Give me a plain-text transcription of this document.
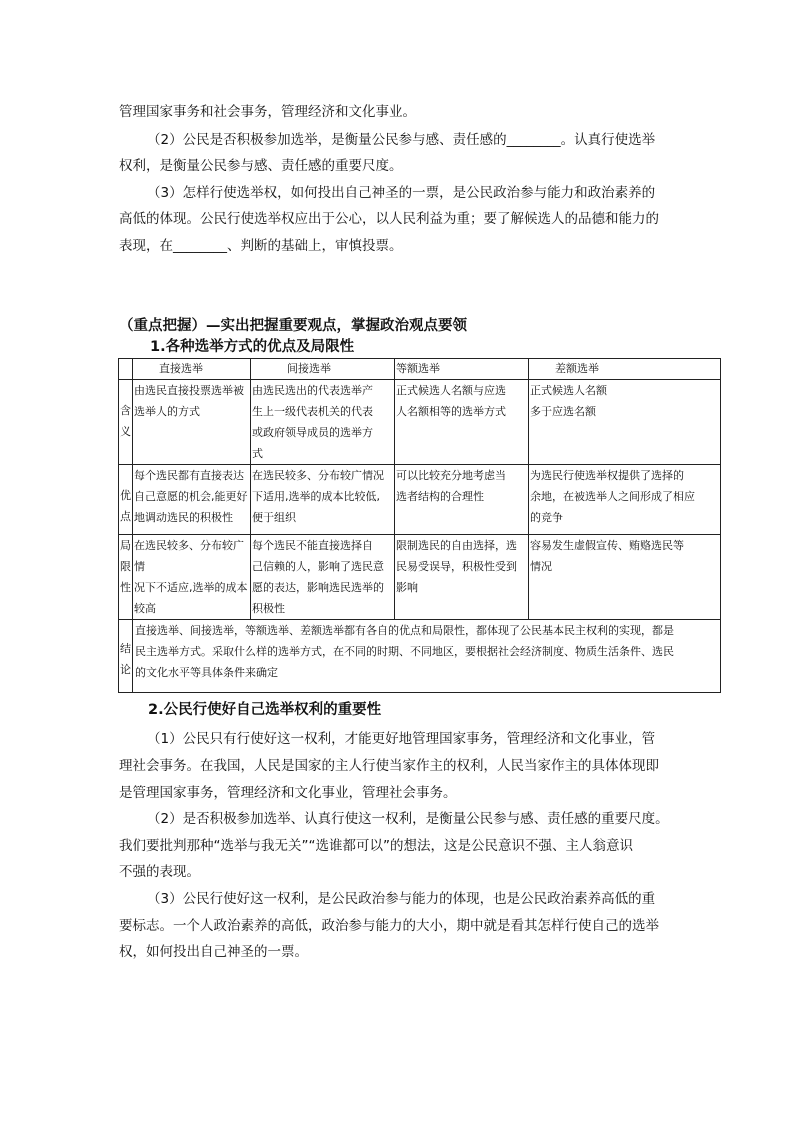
管理国家事务和社会事务，管理经济和文化事业。
（2）公民是否积极参加选举，是衡量公民参与感、责任感的________。认真行使选举
权利，是衡量公民参与感、责任感的重要尺度。
（3）怎样行使选举权，如何投出自己神圣的一票，是公民政治参与能力和政治素养的
高低的体现。公民行使选举权应出于公心，以人民利益为重；要了解候选人的品德和能力的
表现，在________、判断的基础上，审慎投票。
（重点把握）—实出把握重要观点，掌握政治观点要领
1.各种选举方式的优点及局限性
	直接选举	间接选举	等额选举	差额选举

含
义	由选民直接投票选举被
选举人的方式	由选民选出的代表选举产
生上一级代表机关的代表
或政府领导成员的选举方
式	正式候选人名额与应选
人名额相等的选举方式	正式候选人名额
多于应选名额

优
点	每个选民都有直接表达
自己意愿的机会,能更好
地调动选民的积极性	在选民较多、分布较广情况
下适用,选举的成本比较低,
便于组织	可以比较充分地考虑当
选者结构的合理性	为选民行使选举权提供了选择的
余地，在被选举人之间形成了相应
的竞争

局
限
性	在选民较多、分布较广情
况下不适应,选举的成本
较高	每个选民不能直接选择自
己信赖的人，影响了选民意
愿的表达，影响选民选举的
积极性	限制选民的自由选择，选
民易受误导，积极性受到
影响	容易发生虚假宣传、贿赂选民等
情况

结
论	直接选举、间接选举，等额选举、差额选举都有各自的优点和局限性，都体现了公民基本民主权利的实现，都是
民主选举方式。采取什么样的选举方式，在不同的时期、不同地区，要根据社会经济制度、物质生活条件、选民
的文化水平等具体条件来确定			
2.公民行使好自己选举权利的重要性
（1）公民只有行使好这一权利，才能更好地管理国家事务，管理经济和文化事业，管
理社会事务。在我国，人民是国家的主人行使当家作主的权利，人民当家作主的具体体现即
是管理国家事务，管理经济和文化事业，管理社会事务。
（2）是否积极参加选举、认真行使这一权利，是衡量公民参与感、责任感的重要尺度。
我们要批判那种“选举与我无关”“选谁都可以”的想法，这是公民意识不强、主人翁意识
不强的表现。
（3）公民行使好这一权利，是公民政治参与能力的体现，也是公民政治素养高低的重
要标志。一个人政治素养的高低，政治参与能力的大小，期中就是看其怎样行使自己的选举
权，如何投出自己神圣的一票。
